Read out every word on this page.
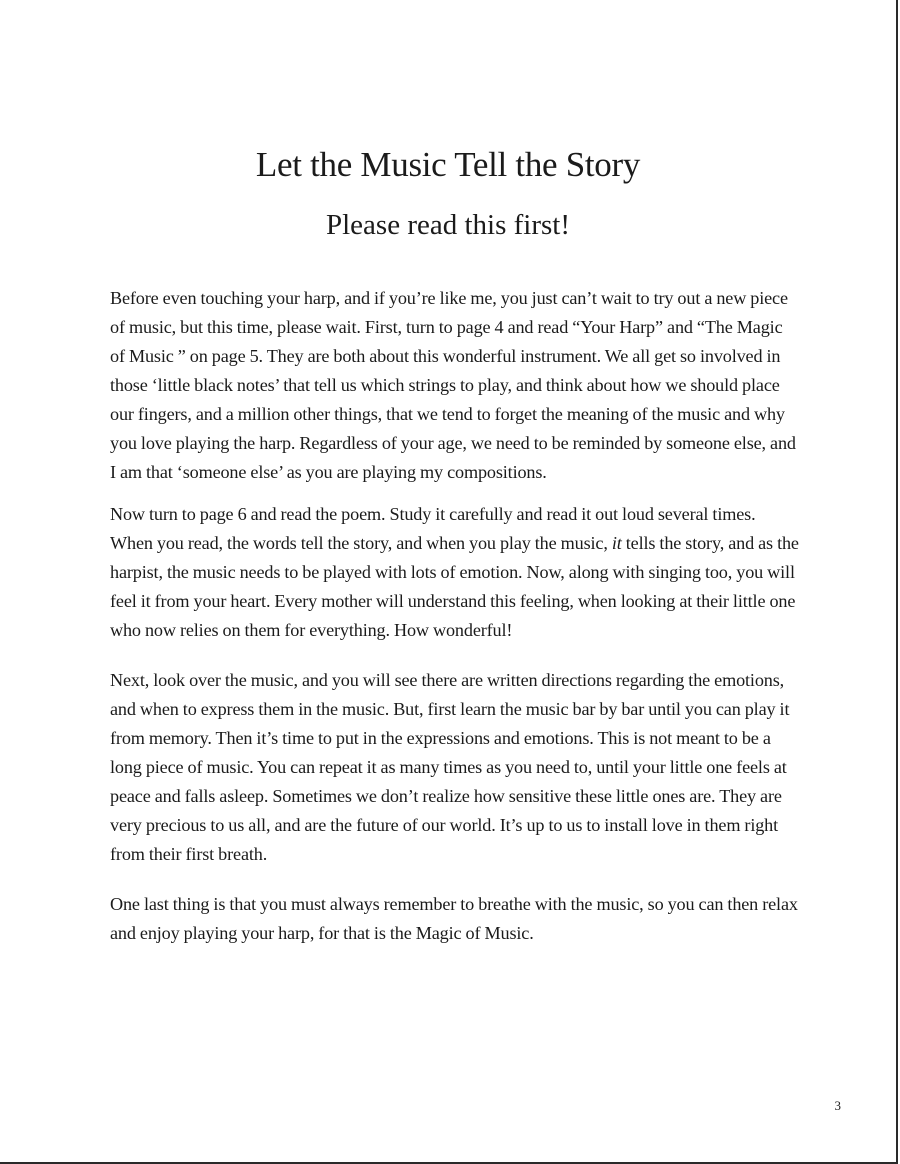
Let the Music Tell the Story
Please read this first!

Before even touching your harp, and if you’re like me, you just can’t wait to try out a new piece of music, but this time, please wait. First, turn to page 4 and read “Your Harp” and “The Magic of Music ” on page 5. They are both about this wonderful instrument. We all get so involved in those ‘little black notes’ that tell us which strings to play, and think about how we should place our fingers, and a million other things, that we tend to forget the meaning of the music and why you love playing the harp. Regardless of your age, we need to be reminded by someone else, and I am that ‘someone else’ as you are playing my compositions.

Now turn to page 6 and read the poem. Study it carefully and read it out loud several times. When you read, the words tell the story, and when you play the music, it tells the story, and as the harpist, the music needs to be played with lots of emotion. Now, along with singing too, you will feel it from your heart. Every mother will understand this feeling, when looking at their little one who now relies on them for everything. How wonderful!

Next, look over the music, and you will see there are written directions regarding the emotions, and when to express them in the music. But, first learn the music bar by bar until you can play it from memory. Then it’s time to put in the expressions and emotions. This is not meant to be a long piece of music. You can repeat it as many times as you need to, until your little one feels at peace and falls asleep. Sometimes we don’t realize how sensitive these little ones are. They are very precious to us all, and are the future of our world. It’s up to us to install love in them right from their first breath.

One last thing is that you must always remember to breathe with the music, so you can then relax and enjoy playing your harp, for that is the Magic of Music.

3
